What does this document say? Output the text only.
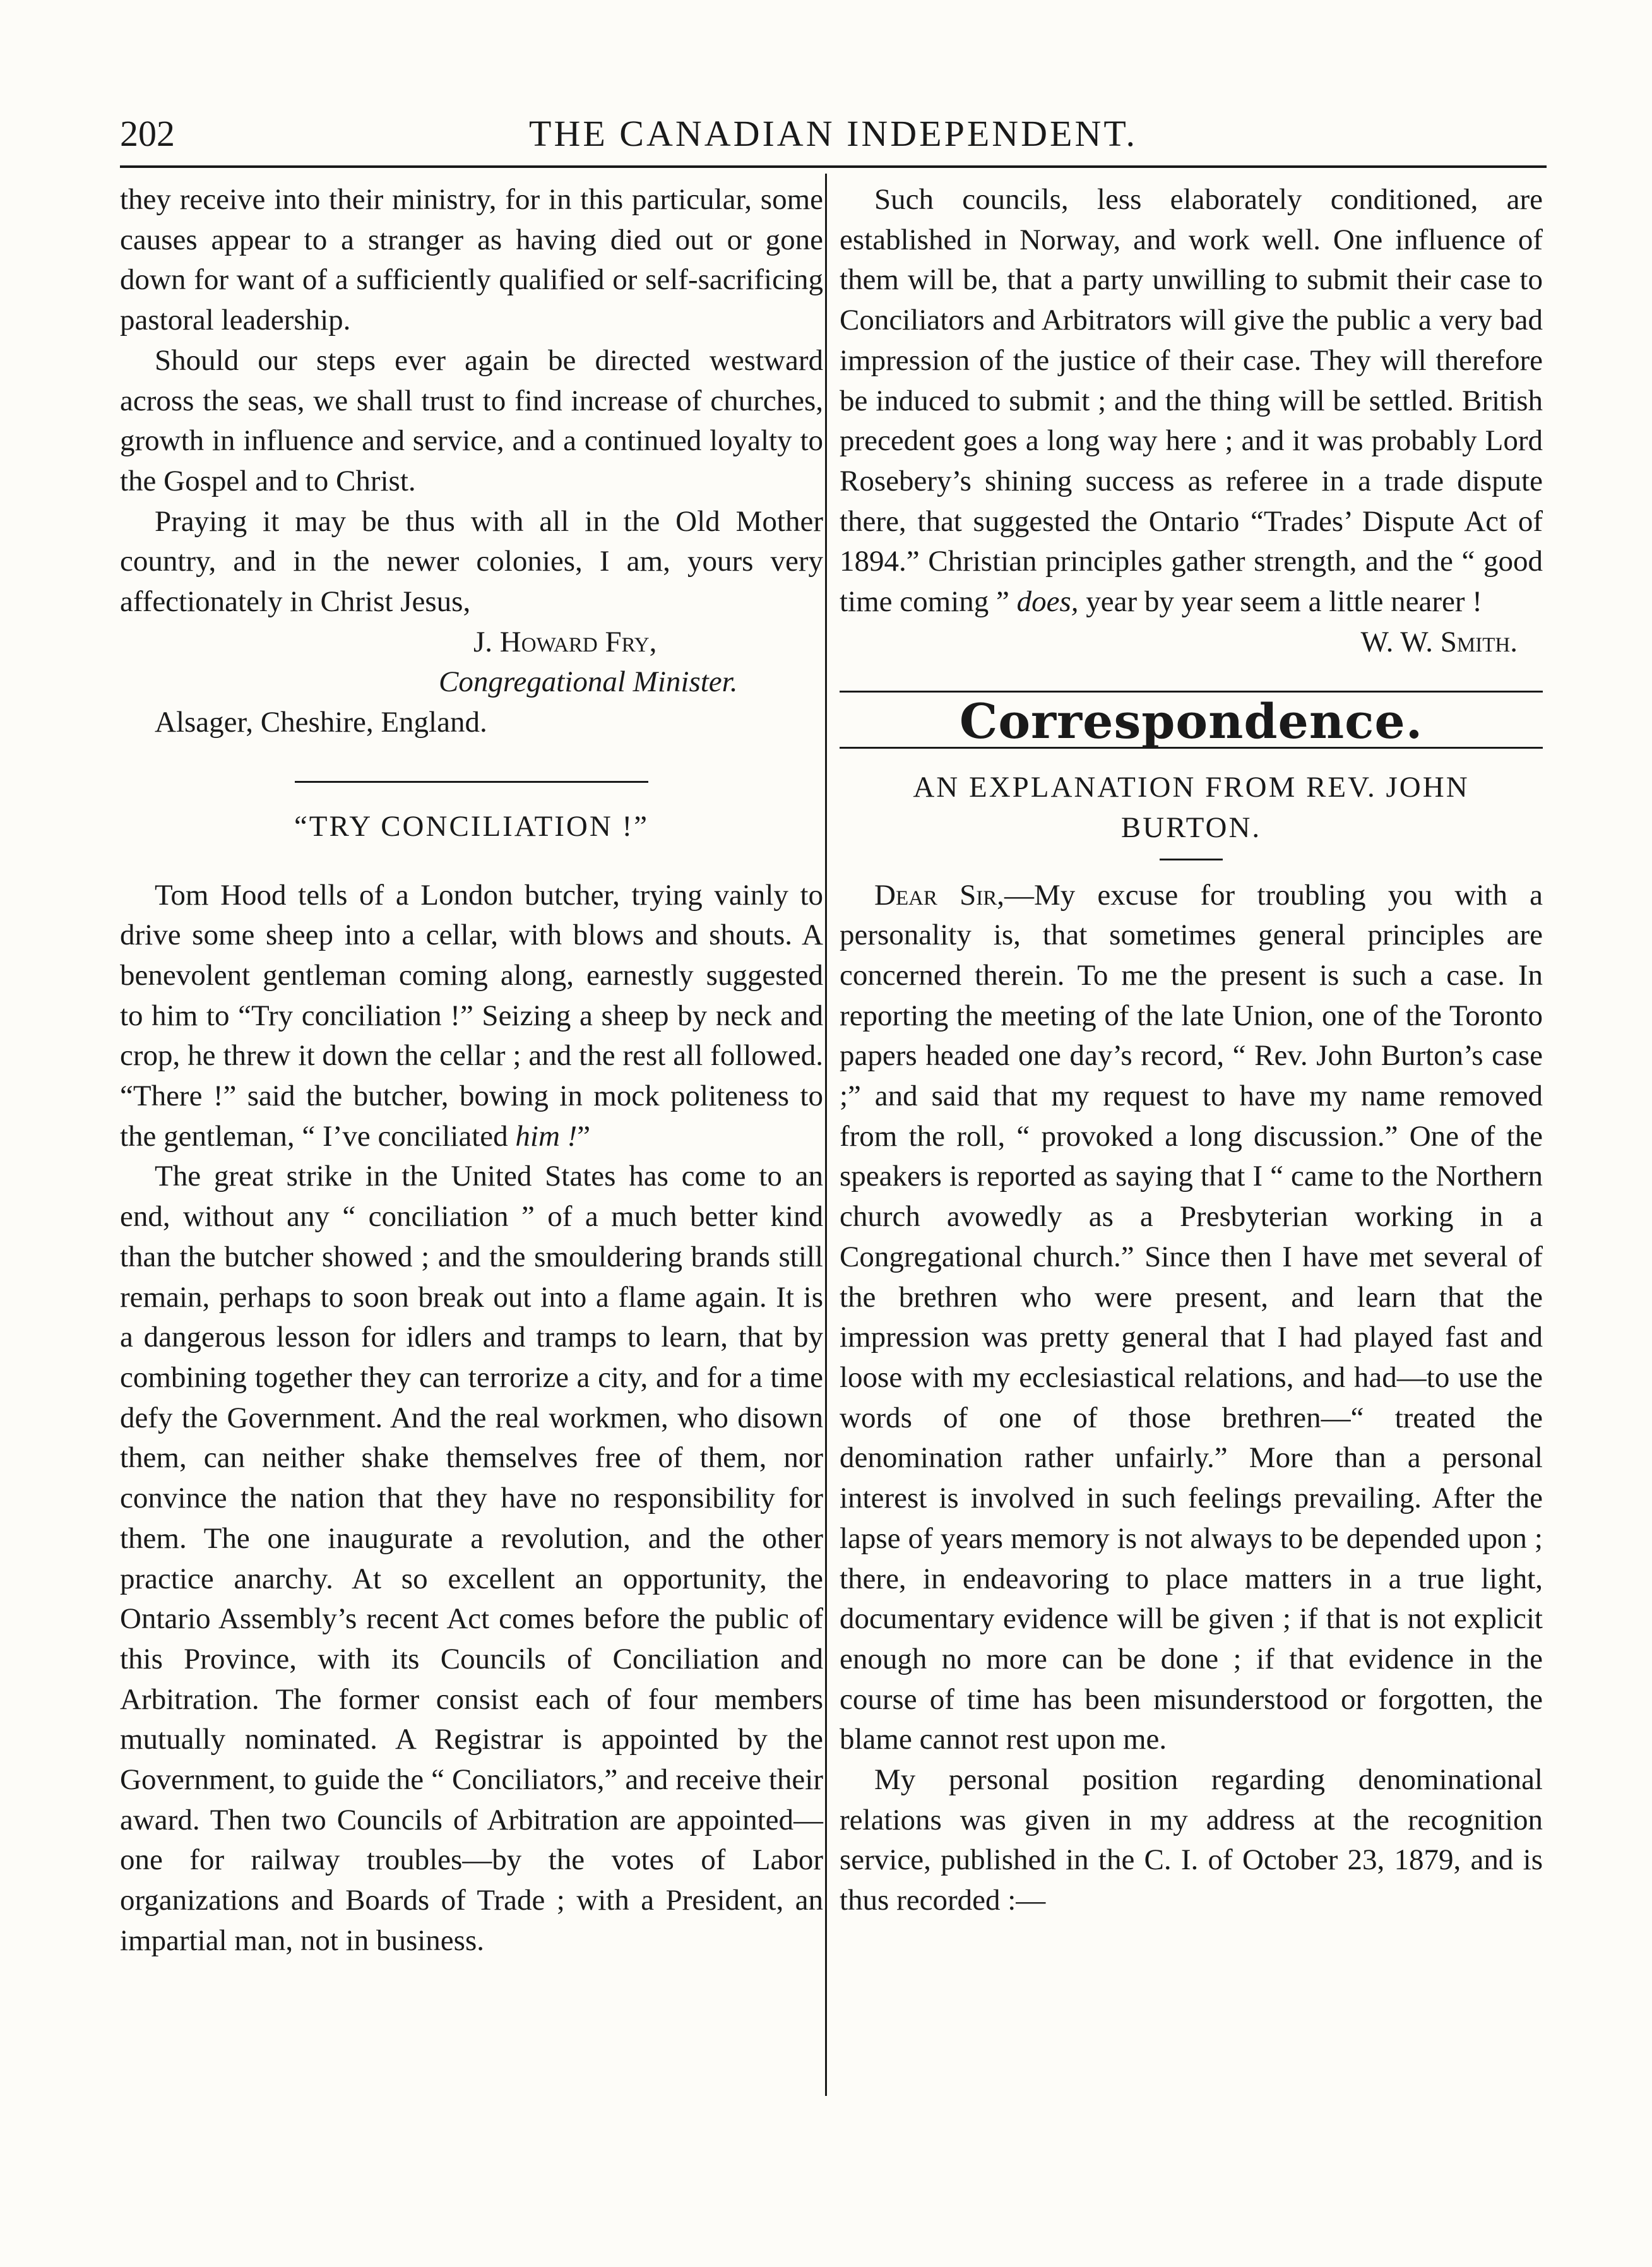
202	THE CANADIAN INDEPENDENT.

they receive into their ministry, for in this particular, some causes appear to a stranger as having died out or gone down for want of a sufficiently qualified or self-sacrificing pastoral leadership.

Should our steps ever again be directed westward across the seas, we shall trust to find increase of churches, growth in influence and service, and a continued loyalty to the Gospel and to Christ.

Praying it may be thus with all in the Old Mother country, and in the newer colonies, I am, yours very affectionately in Christ Jesus,

J. Howard Fry,
Congregational Minister.
Alsager, Cheshire, England.
“TRY CONCILIATION !”

Tom Hood tells of a London butcher, trying vainly to drive some sheep into a cellar, with blows and shouts. A benevolent gentleman coming along, earnestly suggested to him to “Try conciliation !” Seizing a sheep by neck and crop, he threw it down the cellar ; and the rest all followed. “There !” said the butcher, bowing in mock politeness to the gentleman, “ I’ve conciliated him !”

The great strike in the United States has come to an end, without any “ conciliation ” of a much better kind than the butcher showed ; and the smouldering brands still remain, perhaps to soon break out into a flame again. It is a dangerous lesson for idlers and tramps to learn, that by combining together they can terrorize a city, and for a time defy the Government. And the real workmen, who disown them, can neither shake themselves free of them, nor convince the nation that they have no responsibility for them. The one inaugurate a revolution, and the other practice anarchy. At so excellent an opportunity, the Ontario Assembly’s recent Act comes before the public of this Province, with its Councils of Conciliation and Arbitration. The former consist each of four members mutually nominated. A Registrar is appointed by the Government, to guide the “ Conciliators,” and receive their award. Then two Councils of Arbitration are appointed—one for railway troubles—by the votes of Labor organizations and Boards of Trade ; with a President, an impartial man, not in business.

Such councils, less elaborately conditioned, are established in Norway, and work well. One influence of them will be, that a party unwilling to submit their case to Conciliators and Arbitrators will give the public a very bad impression of the justice of their case. They will therefore be induced to submit ; and the thing will be settled. British precedent goes a long way here ; and it was probably Lord Rosebery’s shining success as referee in a trade dispute there, that suggested the Ontario “Trades’ Dispute Act of 1894.” Christian principles gather strength, and the “ good time coming ” does, year by year seem a little nearer !

W. W. Smith.
Correspondence.
AN EXPLANATION FROM REV. JOHN
BURTON.

Dear Sir,—My excuse for troubling you with a personality is, that sometimes general principles are concerned therein. To me the present is such a case. In reporting the meeting of the late Union, one of the Toronto papers headed one day’s record, “ Rev. John Burton’s case ;” and said that my request to have my name removed from the roll, “ provoked a long discussion.” One of the speakers is reported as saying that I “ came to the Northern church avowedly as a Presbyterian working in a Congregational church.” Since then I have met several of the brethren who were present, and learn that the impression was pretty general that I had played fast and loose with my ecclesiastical relations, and had—to use the words of one of those brethren—“ treated the denomination rather unfairly.” More than a personal interest is involved in such feelings prevailing. After the lapse of years memory is not always to be depended upon ; there, in endeavoring to place matters in a true light, documentary evidence will be given ; if that is not explicit enough no more can be done ; if that evidence in the course of time has been misunderstood or forgotten, the blame cannot rest upon me.

My personal position regarding denominational relations was given in my address at the recognition service, published in the C. I. of October 23, 1879, and is thus recorded :—
